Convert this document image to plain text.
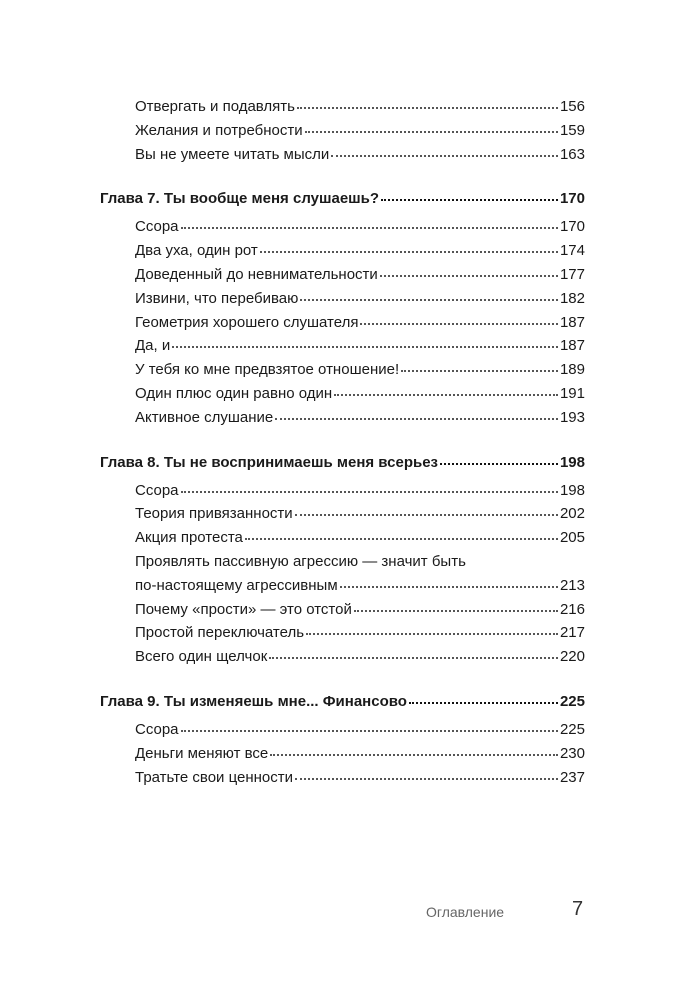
Отвергать и подавлять	156
Желания и потребности	159
Вы не умеете читать мысли	163
Глава 7. Ты вообще меня слушаешь?	170
Ссора	170
Два уха, один рот	174
Доведенный до невнимательности	177
Извини, что перебиваю	182
Геометрия хорошего слушателя	187
Да, и	187
У тебя ко мне предвзятое отношение!	189
Один плюс один равно один	191
Активное слушание	193
Глава 8. Ты не воспринимаешь меня всерьез	198
Ссора	198
Теория привязанности	202
Акция протеста	205
Проявлять пассивную агрессию — значит быть
по-настоящему агрессивным	213
Почему «прости» — это отстой	216
Простой переключатель	217
Всего один щелчок	220
Глава 9. Ты изменяешь мне... Финансово	225
Ссора	225
Деньги меняют все	230
Тратьте свои ценности	237
Оглавление	7
